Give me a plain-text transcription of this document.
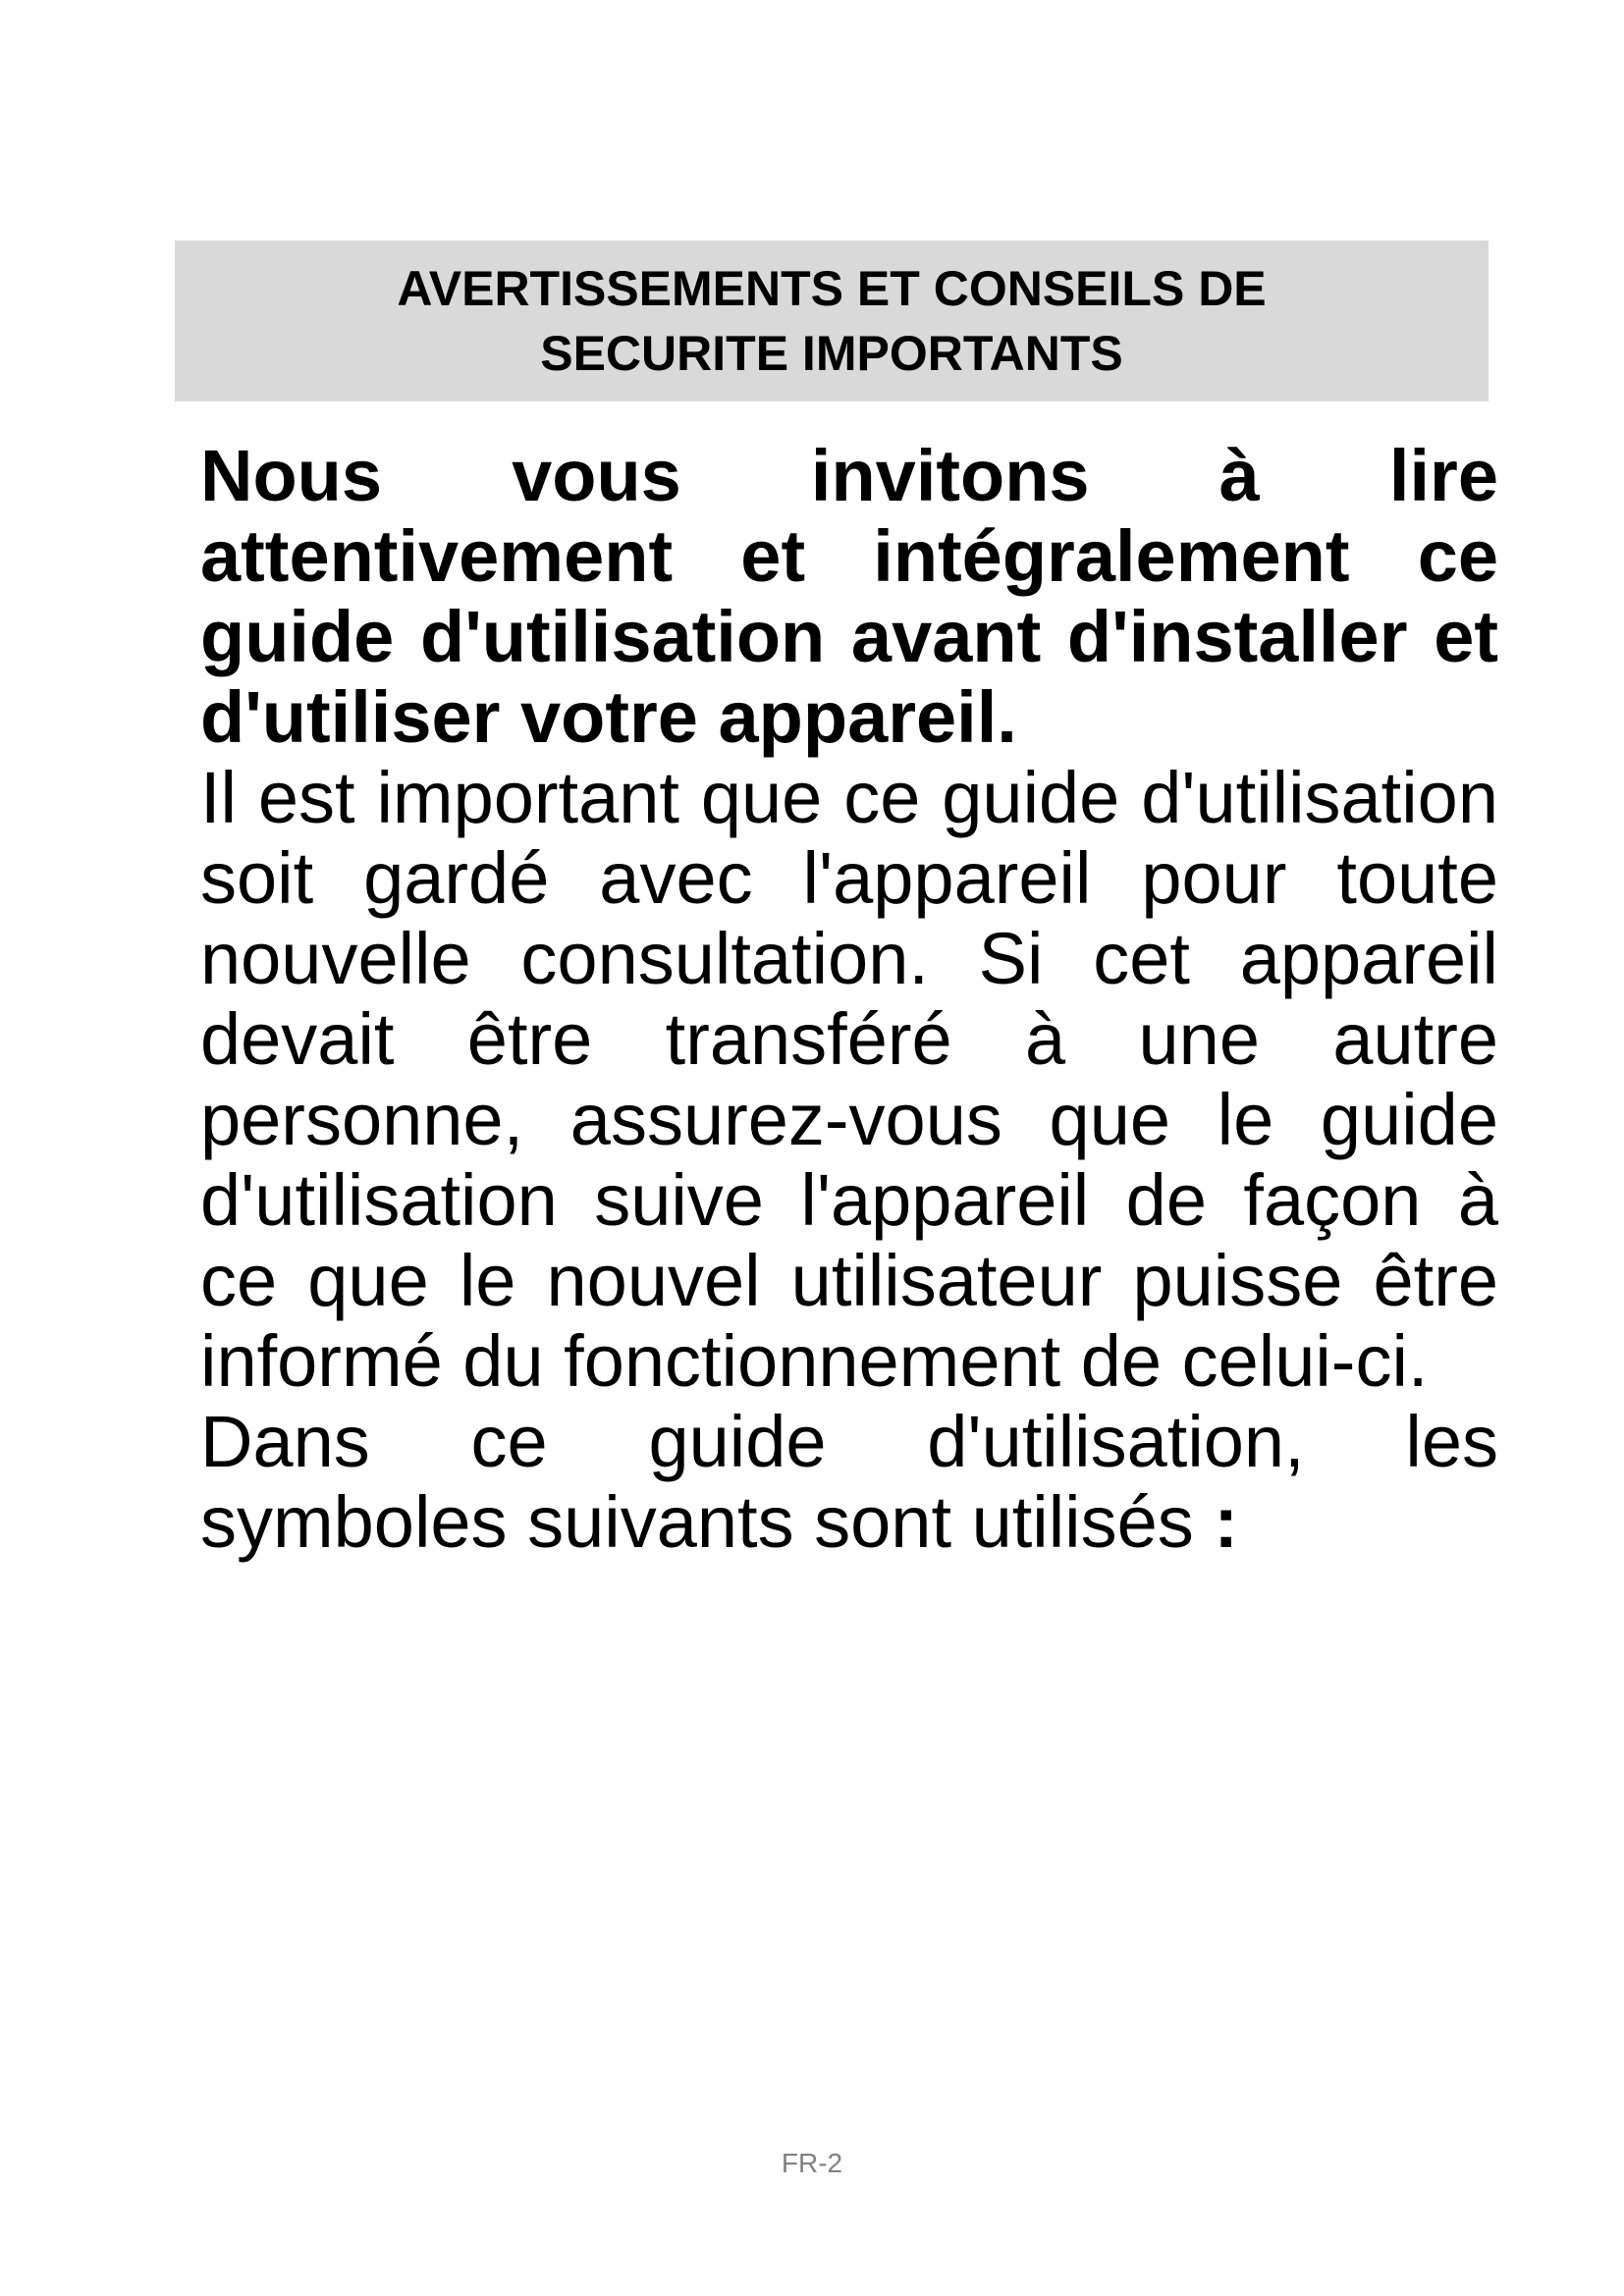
AVERTISSEMENTS ET CONSEILS DE
SECURITE IMPORTANTS

Nous vous invitons à lire attentivement et intégralement ce guide d'utilisation avant d'installer et d'utiliser votre appareil.

Il est important que ce guide d'utilisation soit gardé avec l'appareil pour toute nouvelle consultation. Si cet appareil devait être transféré à une autre personne, assurez-vous que le guide d'utilisation suive l'appareil de façon à ce que le nouvel utilisateur puisse être informé du fonctionnement de celui-ci.

Dans ce guide d'utilisation, les symboles suivants sont utilisés :

FR-2
